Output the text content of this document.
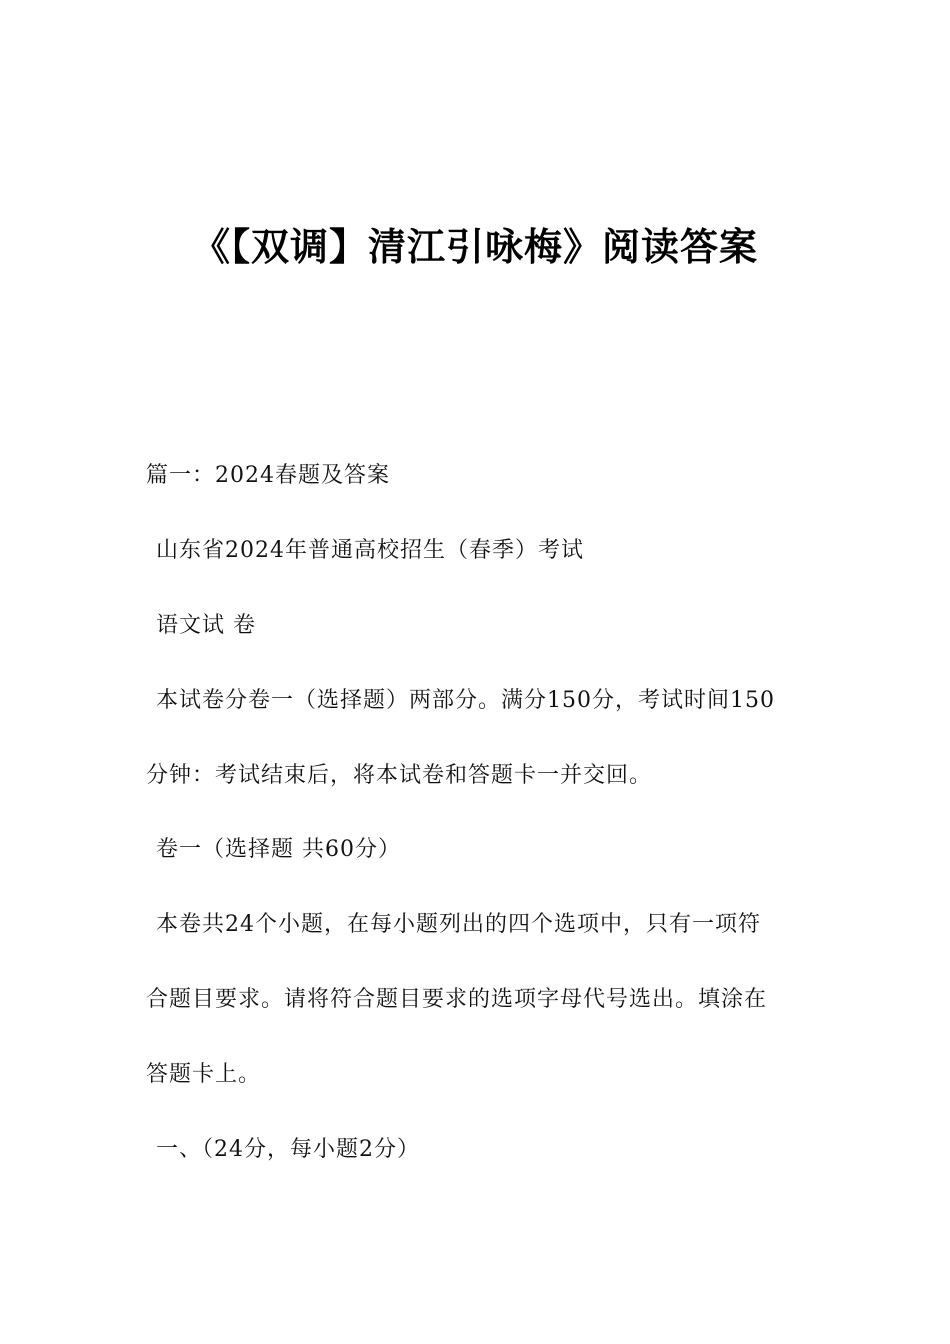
《【双调】清江引咏梅》阅读答案
篇一：2024春题及答案
山东省2024年普通高校招生（春季）考试
语文试 卷
本试卷分卷一（选择题）两部分。满分150分，考试时间150
分钟：考试结束后，将本试卷和答题卡一并交回。
卷一（选择题 共60分）
本卷共24个小题，在每小题列出的四个选项中，只有一项符
合题目要求。请将符合题目要求的选项字母代号选出。填涂在
答题卡上。
一、（24分，每小题2分）
